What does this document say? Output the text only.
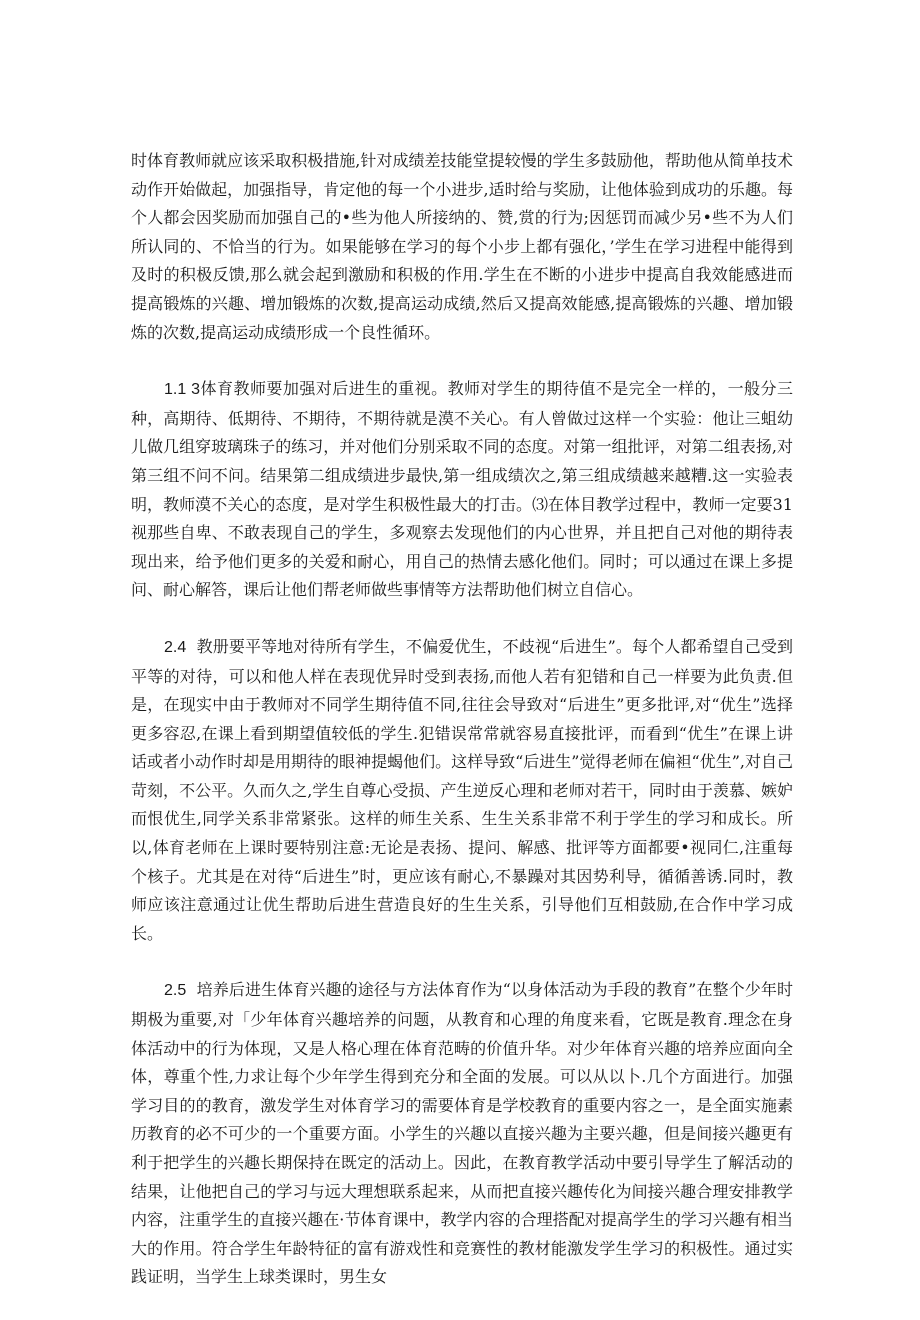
时体育教师就应该采取积极措施,针对成绩差技能堂提较慢的学生多鼓励他，帮助他从简单技术动作开始做起，加强指导，肯定他的每一个小进步,适时给与奖励，让他体验到成功的乐趣。每个人都会因奖励而加强自己的•些为他人所接纳的、赞,赏的行为;因惩罚而减少另•些不为人们所认同的、不恰当的行为。如果能够在学习的每个小步上都有强化，’学生在学习进程中能得到及时的积极反馈,那么就会起到激励和积极的作用.学生在不断的小进步中提高自我效能感进而提高锻炼的兴趣、增加锻炼的次数,提高运动成绩,然后又提高效能感,提高锻炼的兴趣、增加锻炼的次数,提高运动成绩形成一个良性循环。

1.1 3体育教师要加强对后进生的重视。教师对学生的期待值不是完全一样的，一般分三种，高期待、低期待、不期待，不期待就是漠不关心。有人曾做过这样一个实验：他让三蛆幼儿做几组穿玻璃珠子的练习，并对他们分别采取不同的态度。对第一组批评，对第二组表扬,对第三组不问不问。结果第二组成绩进步最快,第一组成绩次之,第三组成绩越来越糟.这一实验表明，教师漠不关心的态度，是对学生积极性最大的打击。⑶在体目教学过程中，教师一定要31视那些自卑、不敢表现自己的学生，多观察去发现他们的内心世界，并且把自己对他的期待表现出来，给予他们更多的关爱和耐心，用自己的热情去感化他们。同时；可以通过在课上多提问、耐心解答，课后让他们帮老师做些事情等方法帮助他们树立自信心。

2.4  教册要平等地对待所有学生，不偏爱优生，不歧视“后进生”。每个人都希望自己受到平等的对待，可以和他人样在表现优异时受到表扬,而他人若有犯错和自己一样要为此负责.但是，在现实中由于教师对不同学生期待值不同,往往会导致对“后进生”更多批评,对“优生”选择更多容忍,在课上看到期望值较低的学生.犯错误常常就容易直接批评，而看到“优生”在课上讲话或者小动作时却是用期待的眼神提蝎他们。这样导致“后进生”觉得老师在偏袒“优生”,对自己苛刻，不公平。久而久之,学生自尊心受损、产生逆反心理和老师对若干，同时由于羡慕、嫉妒而恨优生,同学关系非常紧张。这样的师生关系、生生关系非常不利于学生的学习和成长。所以,体育老师在上课时要特别注意:无论是表扬、提问、解感、批评等方面都要•视同仁,注重每个核子。尤其是在对待“后进生”时，更应该有耐心,不暴躁对其因势利导，循循善诱.同时，教师应该注意通过让优生帮助后进生营造良好的生生关系，引导他们互相鼓励,在合作中学习成长。

2.5  培养后进生体育兴趣的途径与方法体育作为“以身体活动为手段的教育”在整个少年时期极为重要,对「少年体育兴趣培养的问题，从教育和心理的角度来看，它既是教育.理念在身体活动中的行为体现，又是人格心理在体育范畴的价值升华。对少年体育兴趣的培养应面向全体，尊重个性,力求让每个少年学生得到充分和全面的发展。可以从以卜.几个方面进行。加强学习目的的教育，激发学生对体育学习的需要体育是学校教育的重要内容之一，是全面实施素历教育的必不可少的一个重要方面。小学生的兴趣以直接兴趣为主要兴趣，但是间接兴趣更有利于把学生的兴趣长期保持在既定的活动上。因此，在教育教学活动中要引导学生了解活动的结果，让他把自己的学习与远大理想联系起来，从而把直接兴趣传化为间接兴趣合理安排教学内容，注重学生的直接兴趣在·节体育课中，教学内容的合理搭配对提高学生的学习兴趣有相当大的作用。符合学生年龄特征的富有游戏性和竞赛性的教材能激发学生学习的积极性。通过实践证明，当学生上球类课时，男生女
